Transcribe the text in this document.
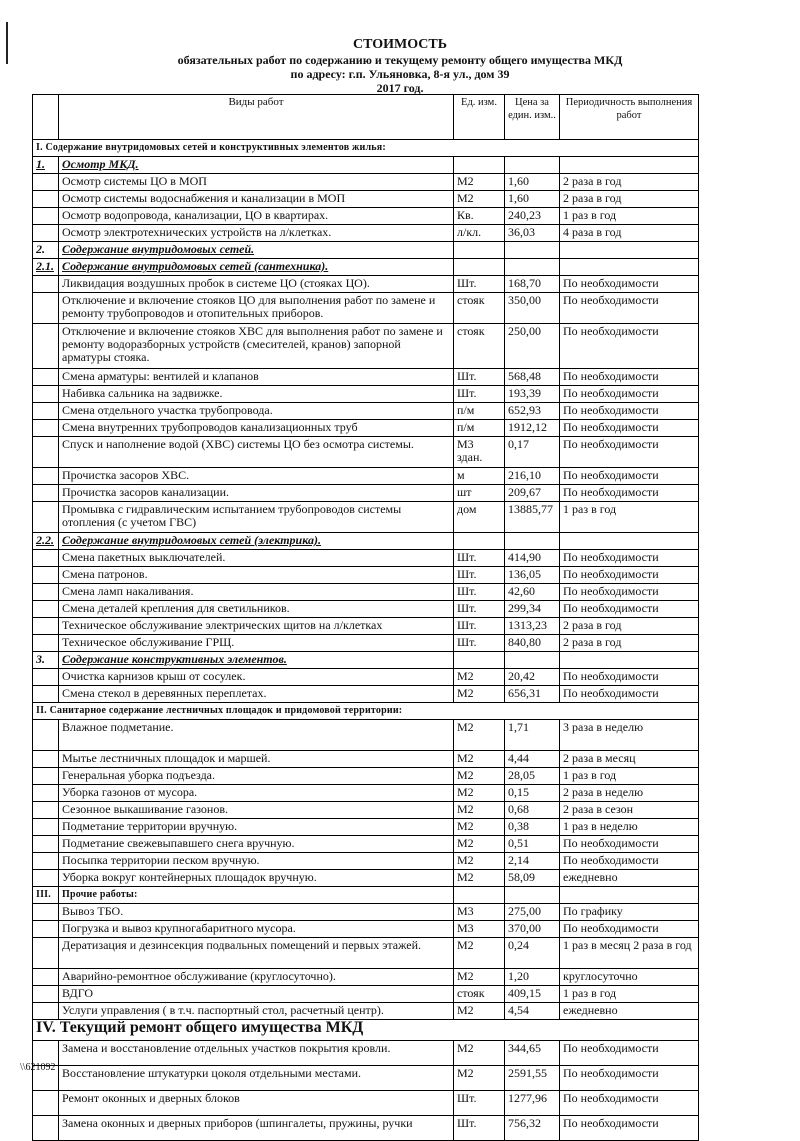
СТОИМОСТЬ
обязательных работ по содержанию и текущему ремонту общего имущества МКД
по адресу: г.п. Ульяновка, 8-я ул., дом 39
2017 год.
	Виды работ	Ед. изм.	Цена за един. изм..	Периодичность выполнения работ
I. Содержание внутридомовых сетей и конструктивных элементов жилья:				
1.	Осмотр МКД.			
	Осмотр системы ЦО в МОП	М2	1,60	2 раза в год
	Осмотр системы водоснабжения и канализации в МОП	М2	1,60	2 раза в год
	Осмотр водопровода, канализации, ЦО в квартирах.	Кв.	240,23	1 раз в год
	Осмотр электротехнических устройств на л/клетках.	л/кл.	36,03	4 раза в год
2.	Содержание внутридомовых сетей.			
2.1.	Содержание внутридомовых сетей (сантехника).			
	Ликвидация воздушных пробок в системе ЦО (стояках ЦО).	Шт.	168,70	По необходимости
	Отключение и включение стояков ЦО для выполнения работ по замене и ремонту трубопроводов и отопительных приборов.	стояк	350,00	По необходимости
	Отключение и включение стояков ХВС для выполнения работ по замене и ремонту водоразборных устройств (смесителей, кранов) запорной арматуры стояка.	стояк	250,00	По необходимости
	Смена арматуры: вентилей и клапанов	Шт.	568,48	По необходимости
	Набивка сальника на задвижке.	Шт.	193,39	По необходимости
	Смена отдельного участка трубопровода.	п/м	652,93	По необходимости
	Смена внутренних трубопроводов канализационных труб	п/м	1912,12	По необходимости
	Спуск и наполнение водой (ХВС) системы ЦО без осмотра системы.	М3 здан.	0,17	По необходимости
	Прочистка засоров ХВС.	м	216,10	По необходимости
	Прочистка засоров канализации.	шт	209,67	По необходимости
	Промывка с гидравлическим испытанием трубопроводов системы отопления (с учетом ГВС)	дом	13885,77	1 раз в год
2.2.	Содержание внутридомовых сетей (электрика).			
	Смена пакетных выключателей.	Шт.	414,90	По необходимости
	Смена патронов.	Шт.	136,05	По необходимости
	Смена ламп накаливания.	Шт.	42,60	По необходимости
	Смена деталей крепления для светильников.	Шт.	299,34	По необходимости
	Техническое обслуживание электрических щитов на л/клетках	Шт.	1313,23	2 раза в год
	Техническое обслуживание ГРЩ.	Шт.	840,80	2 раза в год
3.	Содержание конструктивных элементов.			
	Очистка карнизов крыш от сосулек.	М2	20,42	По необходимости
	Смена стекол в деревянных переплетах.	М2	656,31	По необходимости
II. Санитарное содержание лестничных площадок и придомовой территории:				
	Влажное подметание.	М2	1,71	3 раза в неделю
	Мытье лестничных площадок и маршей.	М2	4,44	2 раза в месяц
	Генеральная уборка подъезда.	М2	28,05	1 раз в год
	Уборка газонов от мусора.	М2	0,15	2 раза в неделю
	Сезонное выкашивание газонов.	М2	0,68	2 раза в сезон
	Подметание территории вручную.	М2	0,38	1 раз в неделю
	Подметание свежевыпавшего снега вручную.	М2	0,51	По необходимости
	Посыпка территории песком вручную.	М2	2,14	По необходимости
	Уборка вокруг контейнерных площадок вручную.	М2	58,09	ежедневно
III.	Прочие работы:			
	Вывоз ТБО.	М3	275,00	По графику
	Погрузка и вывоз крупногабаритного мусора.	М3	370,00	По необходимости
	Дератизация и дезинсекция подвальных помещений и первых этажей.	М2	0,24	1 раз в месяц 2 раза в год
	Аварийно-ремонтное обслуживание (круглосуточно).	М2	1,20	круглосуточно
	ВДГО	стояк	409,15	1 раз в год
	Услуги управления ( в т.ч. паспортный стол, расчетный центр).	М2	4,54	ежедневно
IV. Текущий ремонт общего имущества МКД				
	Замена и восстановление отдельных участков покрытия кровли.	М2	344,65	По необходимости
	Восстановление штукатурки цоколя отдельными местами.	М2	2591,55	По необходимости
	Ремонт оконных и дверных блоков	Шт.	1277,96	По необходимости
	Замена оконных и дверных приборов (шпингалеты, пружины, ручки	Шт.	756,32	По необходимости
\\621092
